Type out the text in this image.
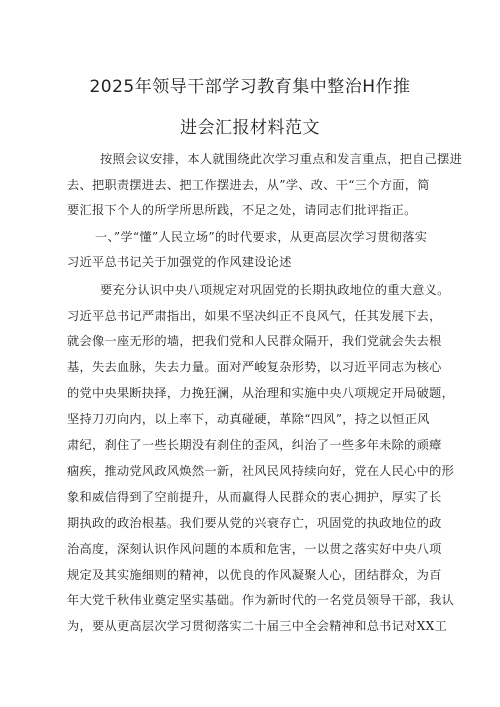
2025年领导干部学习教育集中整治H作推
进会汇报材料范文
按照会议安排，本人就围绕此次学习重点和发言重点，把自己摆进
去、把职责摆进去、把工作摆进去，从”学、改、干“三个方面，简
要汇报下个人的所学所思所践，不足之处，请同志们批评指正。
一、”学“懂”人民立场”的时代要求，从更高层次学习贯彻落实
习近平总书记关于加强党的作风建设论述
要充分认识中央八项规定对巩固党的长期执政地位的重大意义。
习近平总书记严肃指出，如果不坚决纠正不良风气，任其发展下去，
就会像一座无形的墙，把我们党和人民群众隔开，我们党就会失去根
基，失去血脉，失去力量。面对严峻复杂形势，以习近平同志为核心
的党中央果断抉择，力挽狂澜，从治理和实施中央八项规定开局破题，
坚持刀刃向内，以上率下，动真碰硬，革除“四风”，持之以恒正风
肃纪，刹住了一些长期没有刹住的歪风，纠治了一些多年未除的顽瘴
痼疾，推动党风政风焕然一新，社风民风持续向好，党在人民心中的形
象和威信得到了空前提升，从而赢得人民群众的衷心拥护，厚实了长
期执政的政治根基。我们要从党的兴衰存亡，巩固党的执政地位的政
治高度，深刻认识作风问题的本质和危害，一以贯之落实好中央八项
规定及其实施细则的精神，以优良的作风凝聚人心，团结群众，为百
年大党千秋伟业奠定坚实基础。作为新时代的一名党员领导干部，我认
为，要从更高层次学习贯彻落实二十届三中全会精神和总书记对XX工
